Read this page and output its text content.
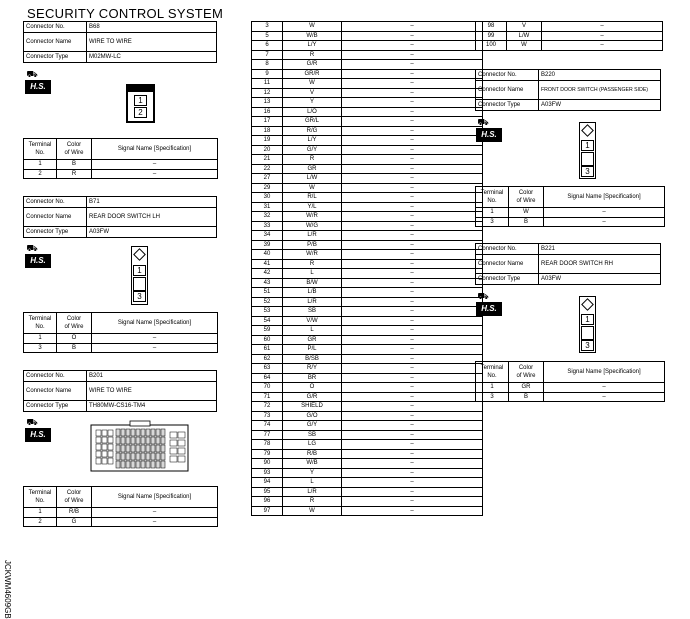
SECURITY CONTROL SYSTEM
JCKWM4609GB
Connector No.	B68
Connector Name	WIRE TO WIRE
Connector Type	M02MW-LC
⛟
H.S.
1
2
Terminal
No.	Color
of Wire	Signal Name [Specification]
1	B	–
2	R	–
Connector No.	B71
Connector Name	REAR DOOR SWITCH LH
Connector Type	A03FW
⛟
H.S.
1
3
Terminal
No.	Color
of Wire	Signal Name [Specification]
1	O	–
3	B	–
Connector No.	B201
Connector Name	WIRE TO WIRE
Connector Type	TH80MW-CS16-TM4
⛟
H.S.
Terminal
No.	Color
of Wire	Signal Name [Specification]
1	R/B	–
2	G	–
3	W	–
5	W/B	–
6	L/Y	–
7	R	–
8	G/R	–
9	GR/R	–
11	W	–
12	V	–
13	Y	–
16	L/O	–
17	GR/L	–
18	R/G	–
19	L/Y	–
20	G/Y	–
21	R	–
22	GR	–
27	L/W	–
29	W	–
30	R/L	–
31	Y/L	–
32	W/R	–
33	W/G	–
34	L/R	–
39	P/B	–
40	W/R	–
41	R	–
42	L	–
43	B/W	–
51	L/B	–
52	L/R	–
53	SB	–
54	V/W	–
59	L	–
60	GR	–
61	P/L	–
62	B/SB	–
63	R/Y	–
64	BR	–
70	O	–
71	G/R	–
72	SHIELD	–
73	G/O	–
74	G/Y	–
77	SB	–
78	LG	–
79	R/B	–
90	W/B	–
93	Y	–
94	L	–
95	L/R	–
96	R	–
97	W	–
98	V	–
99	L/W	–
100	W	–
Connector No.	B220
Connector Name	FRONT DOOR SWITCH (PASSENGER SIDE)
Connector Type	A03FW
⛟
H.S.
1
3
Terminal
No.	Color
of Wire	Signal Name [Specification]
1	W	–
3	B	–
Connector No.	B221
Connector Name	REAR DOOR SWITCH RH
Connector Type	A03FW
⛟
H.S.
1
3
Terminal
No.	Color
of Wire	Signal Name [Specification]
1	GR	–
3	B	–
